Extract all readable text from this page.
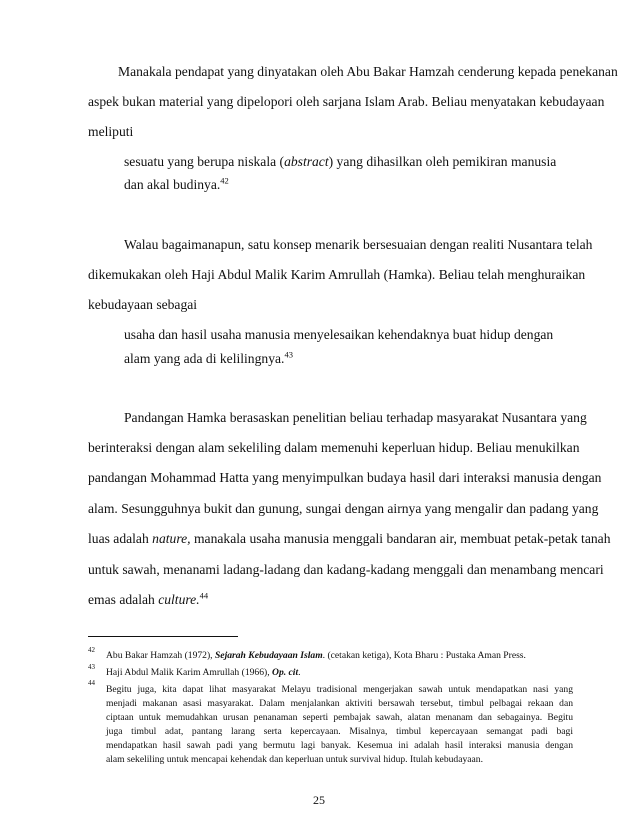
Manakala pendapat yang dinyatakan oleh Abu Bakar Hamzah cenderung kepada penekanan
aspek bukan material yang dipelopori oleh sarjana Islam Arab. Beliau menyatakan kebudayaan
meliputi
sesuatu yang berupa niskala (abstract) yang dihasilkan oleh pemikiran manusia
dan akal budinya.$^{42}$
Walau bagaimanapun, satu konsep menarik bersesuaian dengan realiti Nusantara telah
dikemukakan oleh Haji Abdul Malik Karim Amrullah (Hamka). Beliau telah menghuraikan
kebudayaan sebagai
usaha dan hasil usaha manusia menyelesaikan kehendaknya buat hidup dengan
alam yang ada di kelilingnya.$^{43}$
Pandangan Hamka berasaskan penelitian beliau terhadap masyarakat Nusantara yang
berinteraksi dengan alam sekeliling dalam memenuhi keperluan hidup. Beliau menukilkan
pandangan Mohammad Hatta yang menyimpulkan budaya hasil dari interaksi manusia dengan
alam. Sesungguhnya bukit dan gunung, sungai dengan airnya yang mengalir dan padang yang
luas adalah nature, manakala usaha manusia menggali bandaran air, membuat petak-petak tanah
untuk sawah, menanami ladang-ladang dan kadang-kadang menggali dan menambang mencari
emas adalah culture.$^{44}$
42 Abu Bakar Hamzah (1972), Sejarah Kebudayaan Islam. (cetakan ketiga), Kota Bharu : Pustaka Aman Press.
43 Haji Abdul Malik Karim Amrullah (1966), Op. cit.
44
Begitu juga, kita dapat lihat masyarakat Melayu tradisional mengerjakan sawah untuk mendapatkan nasi yang
menjadi makanan asasi masyarakat. Dalam menjalankan aktiviti bersawah tersebut, timbul pelbagai rekaan dan
ciptaan untuk memudahkan urusan penanaman seperti pembajak sawah, alatan menanam dan sebagainya. Begitu
juga timbul adat, pantang larang serta kepercayaan. Misalnya, timbul kepercayaan semangat padi bagi
mendapatkan hasil sawah padi yang bermutu lagi banyak. Kesemua ini adalah hasil interaksi manusia dengan
alam sekeliling untuk mencapai kehendak dan keperluan untuk survival hidup. Itulah kebudayaan.
25
